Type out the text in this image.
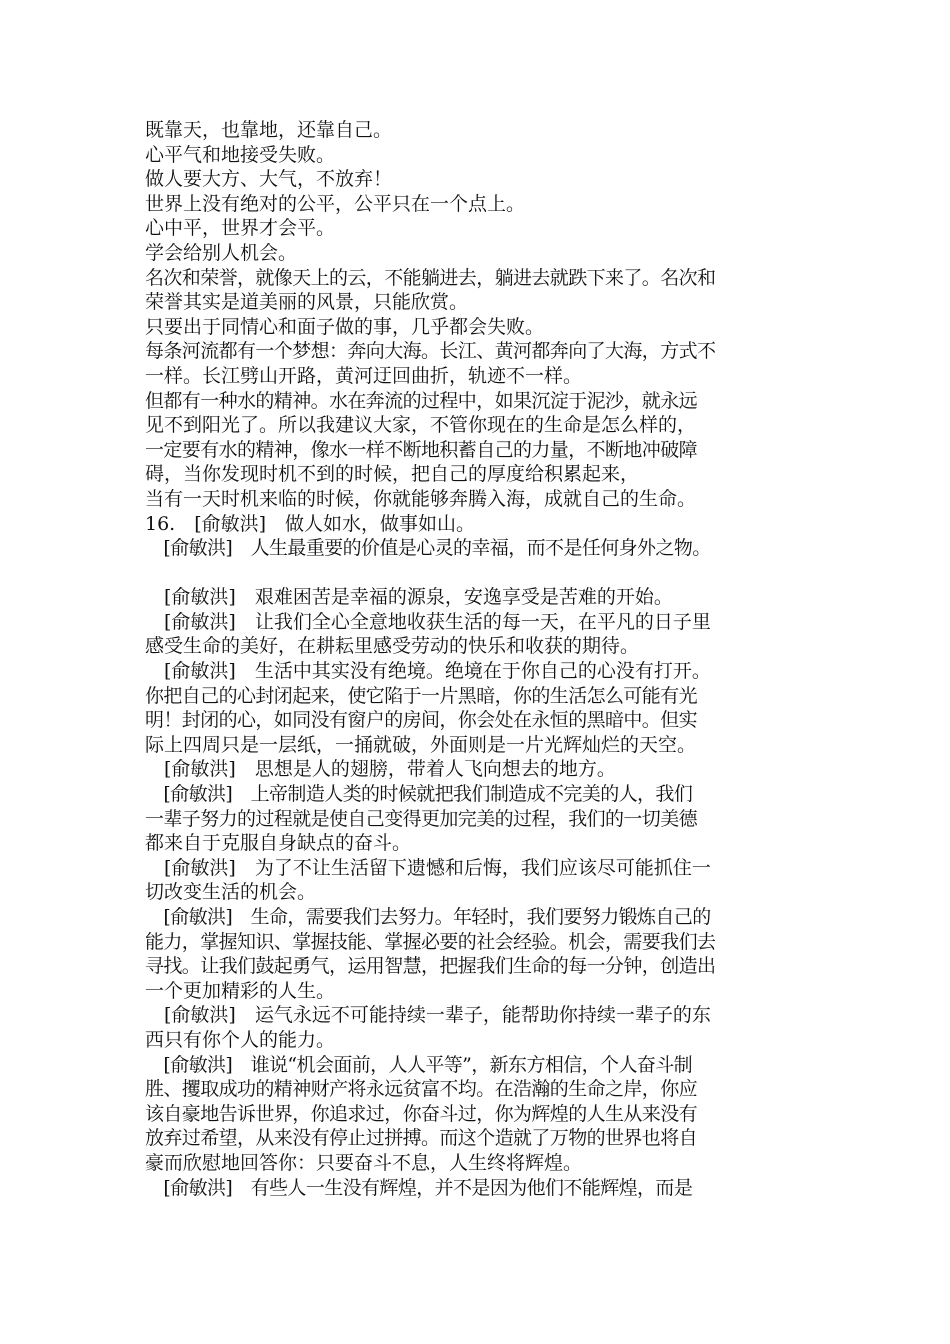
既靠天，也靠地，还靠自己。
心平气和地接受失败。
做人要大方、大气，不放弃！
世界上没有绝对的公平，公平只在一个点上。
心中平，世界才会平。
学会给别人机会。
名次和荣誉，就像天上的云，不能躺进去，躺进去就跌下来了。名次和
荣誉其实是道美丽的风景，只能欣赏。
只要出于同情心和面子做的事，几乎都会失败。
每条河流都有一个梦想：奔向大海。长江、黄河都奔向了大海，方式不
一样。长江劈山开路，黄河迂回曲折，轨迹不一样。
但都有一种水的精神。水在奔流的过程中，如果沉淀于泥沙，就永远
见不到阳光了。所以我建议大家，不管你现在的生命是怎么样的，
一定要有水的精神，像水一样不断地积蓄自己的力量，不断地冲破障
碍，当你发现时机不到的时候，把自己的厚度给积累起来，
当有一天时机来临的时候，你就能够奔腾入海，成就自己的生命。
16.　[俞敏洪]　做人如水，做事如山。
　[俞敏洪]　人生最重要的价值是心灵的幸福，而不是任何身外之物。
　[俞敏洪]　艰难困苦是幸福的源泉，安逸享受是苦难的开始。
　[俞敏洪]　让我们全心全意地收获生活的每一天，在平凡的日子里
感受生命的美好，在耕耘里感受劳动的快乐和收获的期待。
　[俞敏洪]　生活中其实没有绝境。绝境在于你自己的心没有打开。
你把自己的心封闭起来，使它陷于一片黑暗，你的生活怎么可能有光
明！封闭的心，如同没有窗户的房间，你会处在永恒的黑暗中。但实
际上四周只是一层纸，一捅就破，外面则是一片光辉灿烂的天空。
　[俞敏洪]　思想是人的翅膀，带着人飞向想去的地方。
　[俞敏洪]　上帝制造人类的时候就把我们制造成不完美的人，我们
一辈子努力的过程就是使自己变得更加完美的过程，我们的一切美德
都来自于克服自身缺点的奋斗。
　[俞敏洪]　为了不让生活留下遗憾和后悔，我们应该尽可能抓住一
切改变生活的机会。
　[俞敏洪]　生命，需要我们去努力。年轻时，我们要努力锻炼自己的
能力，掌握知识、掌握技能、掌握必要的社会经验。机会，需要我们去
寻找。让我们鼓起勇气，运用智慧，把握我们生命的每一分钟，创造出
一个更加精彩的人生。
　[俞敏洪]　运气永远不可能持续一辈子，能帮助你持续一辈子的东
西只有你个人的能力。
　[俞敏洪]　谁说“机会面前，人人平等”，新东方相信，个人奋斗制
胜、攫取成功的精神财产将永远贫富不均。在浩瀚的生命之岸，你应
该自豪地告诉世界，你追求过，你奋斗过，你为辉煌的人生从来没有
放弃过希望，从来没有停止过拼搏。而这个造就了万物的世界也将自
豪而欣慰地回答你：只要奋斗不息，人生终将辉煌。
　[俞敏洪]　有些人一生没有辉煌，并不是因为他们不能辉煌，而是
